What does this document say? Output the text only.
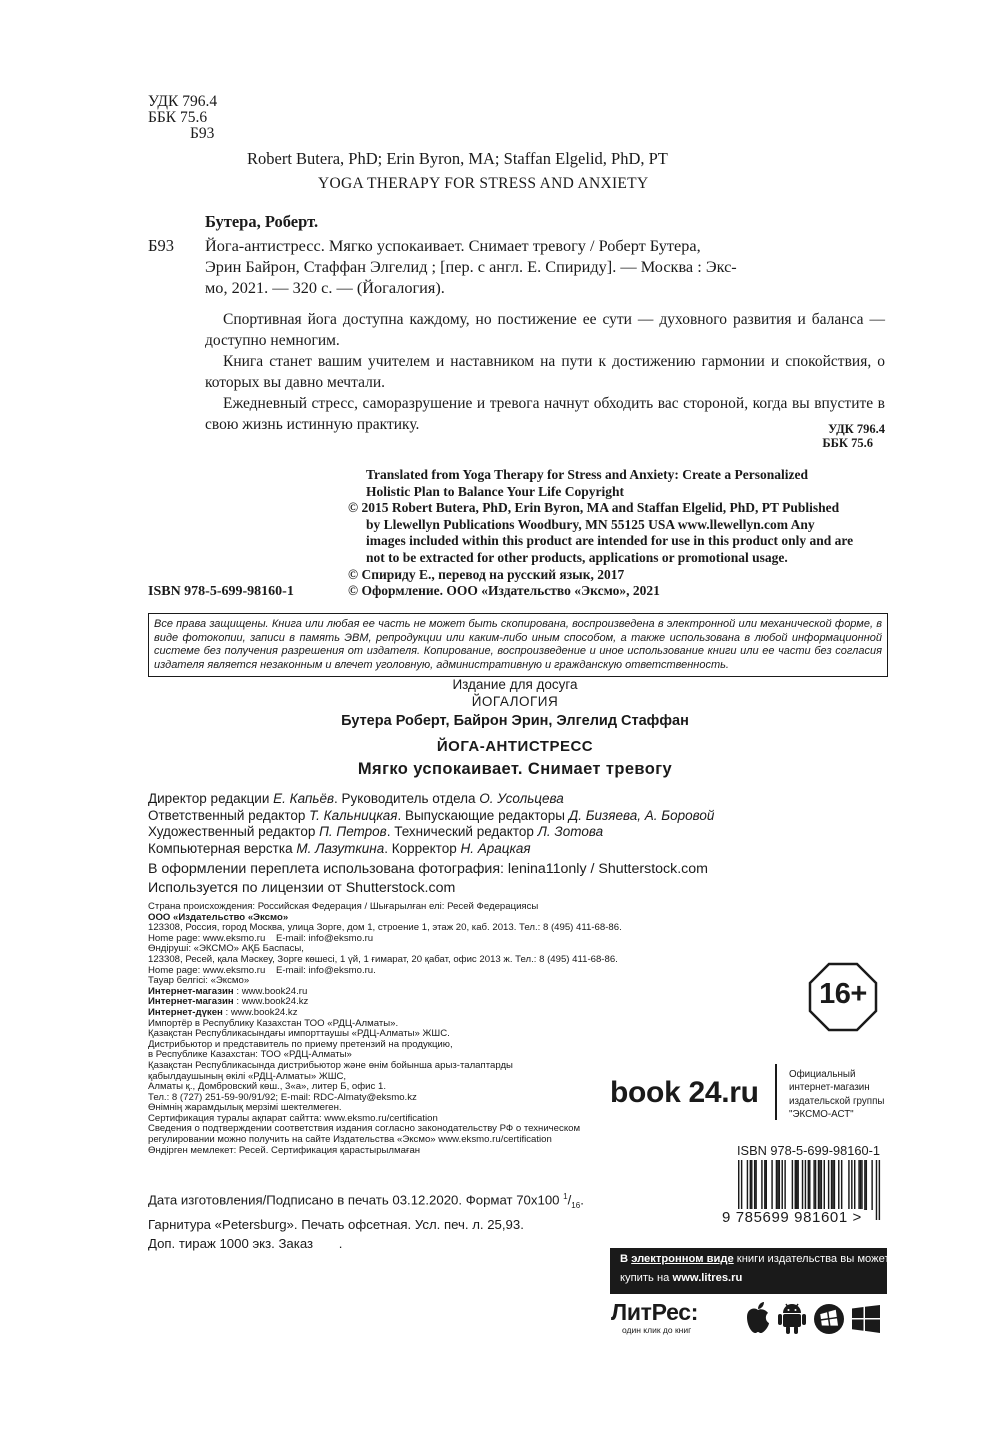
УДК 796.4
ББК 75.6
Б93
Robert Butera, PhD; Erin Byron, MA; Staffan Elgelid, PhD, PT
YOGA THERAPY FOR STRESS AND ANXIETY
Бутера, Роберт.
Б93 Йога-антистресс. Мягко успокаивает. Снимает тревогу / Роберт Бутера,
Эрин Байрон, Стаффан Элгелид ; [пер. с англ. Е. Спириду]. — Москва : Экс-
мо, 2021. — 320 с. — (Йогалогия).

Спортивная йога доступна каждому, но постижение ее сути — духовного развития и баланса — доступно немногим.

Книга станет вашим учителем и наставником на пути к достижению гармонии и спокойствия, о которых вы давно мечтали.

Ежедневный стресс, саморазрушение и тревога начнут обходить вас стороной, когда вы впустите в свою жизнь истинную практику.	УДК 796.4
ББК 75.6
Translated from Yoga Therapy for Stress and Anxiety: Create a Personalized
Holistic Plan to Balance Your Life Copyright
© 2015 Robert Butera, PhD, Erin Byron, MA and Staffan Elgelid, PhD, PT Published
by Llewellyn Publications Woodbury, MN 55125 USA www.llewellyn.com Any
images included within this product are intended for use in this product only and are
not to be extracted for other products, applications or promotional usage.
© Спириду Е., перевод на русский язык, 2017
© Оформление. ООО «Издательство «Эксмо», 2021
ISBN 978-5-699-98160-1
Все права защищены. Книга или любая ее часть не может быть скопирована, воспроизведена в электронной или механической форме, в виде фотокопии, записи в память ЭВМ, репродукции или каким-либо иным способом, а также использована в любой информационной системе без получения разрешения от издателя. Копирование, воспроизведение и иное использование книги или ее части без согласия издателя является незаконным и влечет уголовную, административную и гражданскую ответственность.
Издание для досуга
ЙОГАЛОГИЯ
Бутера Роберт, Байрон Эрин, Элгелид Стаффан
ЙОГА-АНТИСТРЕСС
Мягко успокаивает. Снимает тревогу
Директор редакции Е. Капьёв. Руководитель отдела О. Усольцева
Ответственный редактор Т. Кальницкая. Выпускающие редакторы Д. Бизяева, А. Боровой
Художественный редактор П. Петров. Технический редактор Л. Зотова
Компьютерная верстка М. Лазуткина. Корректор Н. Арацкая
В оформлении переплета использована фотография: lenina11only / Shutterstock.com
Используется по лицензии от Shutterstock.com
Страна происхождения: Российская Федерация / Шығарылған елі: Ресей Федерациясы
ООО «Издательство «Эксмо»
123308, Россия, город Москва, улица Зорге, дом 1, строение 1, этаж 20, каб. 2013. Тел.: 8 (495) 411-68-86.
Home page: www.eksmo.ru    E-mail: info@eksmo.ru
Өндіруші: «ЭКСМО» АҚБ Баспасы,
123308, Ресей, қала Мәскеу, Зорге көшесі, 1 үй, 1 ғимарат, 20 қабат, офис 2013 ж. Тел.: 8 (495) 411-68-86.
Home page: www.eksmo.ru    E-mail: info@eksmo.ru.
Тауар белгісі: «Эксмо»
Интернет-магазин : www.book24.ru
Интернет-магазин : www.book24.kz
Интернет-дүкен : www.book24.kz
Импортёр в Республику Казахстан ТОО «РДЦ-Алматы».
Қазақстан Республикасындағы импорттаушы «РДЦ-Алматы» ЖШС.
Дистрибьютор и представитель по приему претензий на продукцию,
в Республике Казахстан: ТОО «РДЦ-Алматы»
Қазақстан Республикасында дистрибьютор және өнім бойынша арыз-талаптарды
қабылдаушының өкілі «РДЦ-Алматы» ЖШС,
Алматы қ., Домбровский көш., 3«а», литер Б, офис 1.
Тел.: 8 (727) 251-59-90/91/92; E-mail: RDC-Almaty@eksmo.kz
Өнімнің жарамдылық мерзімі шектелмеген.
Сертификация туралы ақпарат сайтта: www.eksmo.ru/certification
Сведения о подтверждении соответствия издания согласно законодательству РФ о техническом
регулировании можно получить на сайте Издательства «Эксмо» www.eksmo.ru/certification
Өндірген мемлекет: Ресей. Сертификация қарастырылмаған
Дата изготовления/Подписано в печать 03.12.2020. Формат 70x100 $^1/_{16}$.
Гарнитура «Petersburg». Печать офсетная. Усл. печ. л. 25,93.
Доп. тираж 1000 экз. Заказ       .
16+
book 24.ru
Официальный
интернет-магазин
издательской группы
"ЭКСМО-АСТ"
ISBN 978-5-699-98160-1
9 785699 981601 >
В электронном виде книги издательства вы можете
купить на www.litres.ru
ЛитРес:
один клик до книг
